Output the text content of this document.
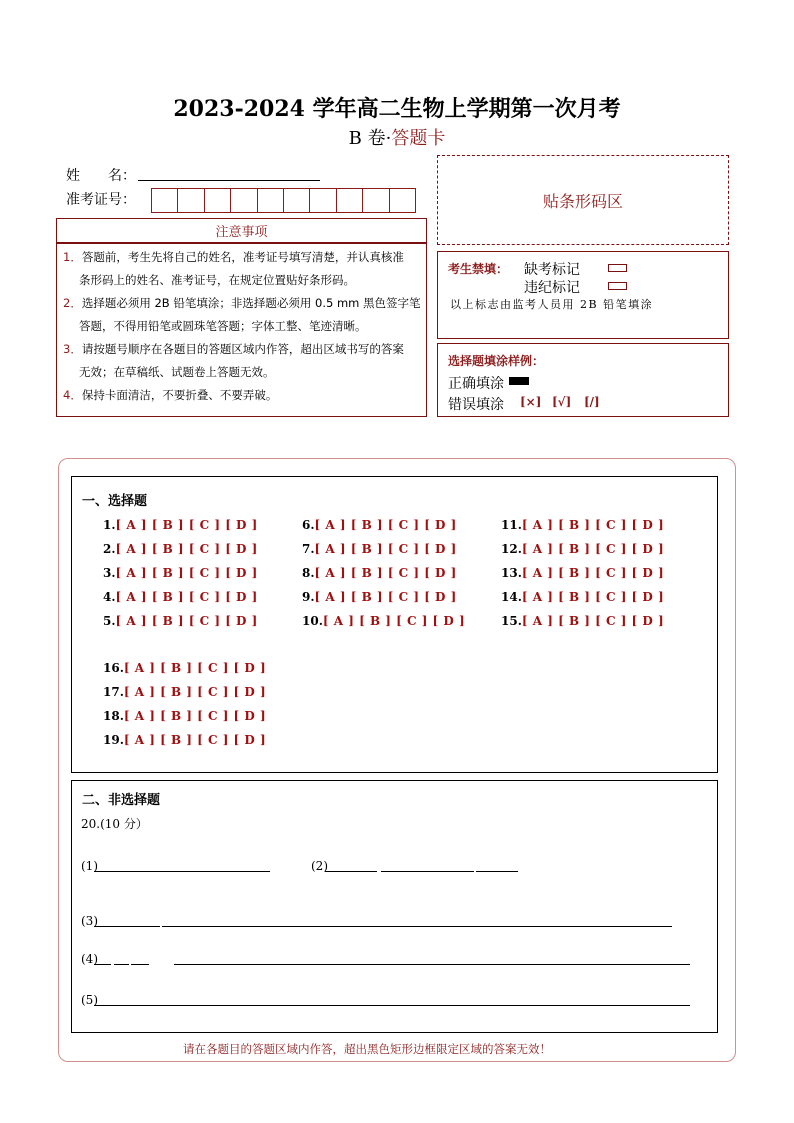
2023-2024 学年高二生物上学期第一次月考
B 卷·答题卡
姓　　名：
准考证号：	贴条形码区
注意事项
1．答题前，考生先将自己的姓名，准考证号填写清楚，并认真核准
条形码上的姓名、准考证号，在规定位置贴好条形码。
2．选择题必须用 2B 铅笔填涂；非选择题必须用 0.5 mm 黑色签字笔
答题，不得用铅笔或圆珠笔答题；字体工整、笔迹清晰。
3．请按题号顺序在各题目的答题区域内作答，超出区域书写的答案
无效；在草稿纸、试题卷上答题无效。
4．保持卡面清洁，不要折叠、不要弄破。
考生禁填： 缺考标记
违纪标记
以上标志由监考人员用 2B 铅笔填涂
选择题填涂样例：
正确填涂
错误填涂 [×] [√] [/]
一、选择题
1.[ A ] [ B ] [ C ] [ D ]
2.[ A ] [ B ] [ C ] [ D ]
3.[ A ] [ B ] [ C ] [ D ]
4.[ A ] [ B ] [ C ] [ D ]
5.[ A ] [ B ] [ C ] [ D ]
6.[ A ] [ B ] [ C ] [ D ]
7.[ A ] [ B ] [ C ] [ D ]
8.[ A ] [ B ] [ C ] [ D ]
9.[ A ] [ B ] [ C ] [ D ]
10.[ A ] [ B ] [ C ] [ D ]
11.[ A ] [ B ] [ C ] [ D ]
12.[ A ] [ B ] [ C ] [ D ]
13.[ A ] [ B ] [ C ] [ D ]
14.[ A ] [ B ] [ C ] [ D ]
15.[ A ] [ B ] [ C ] [ D ]
16.[ A ] [ B ] [ C ] [ D ]
17.[ A ] [ B ] [ C ] [ D ]
18.[ A ] [ B ] [ C ] [ D ]
19.[ A ] [ B ] [ C ] [ D ]
二、非选择题
20.(10 分）
(1)	(2)
(3)
(4)
(5)
请在各题目的答题区域内作答，超出黑色矩形边框限定区域的答案无效！
